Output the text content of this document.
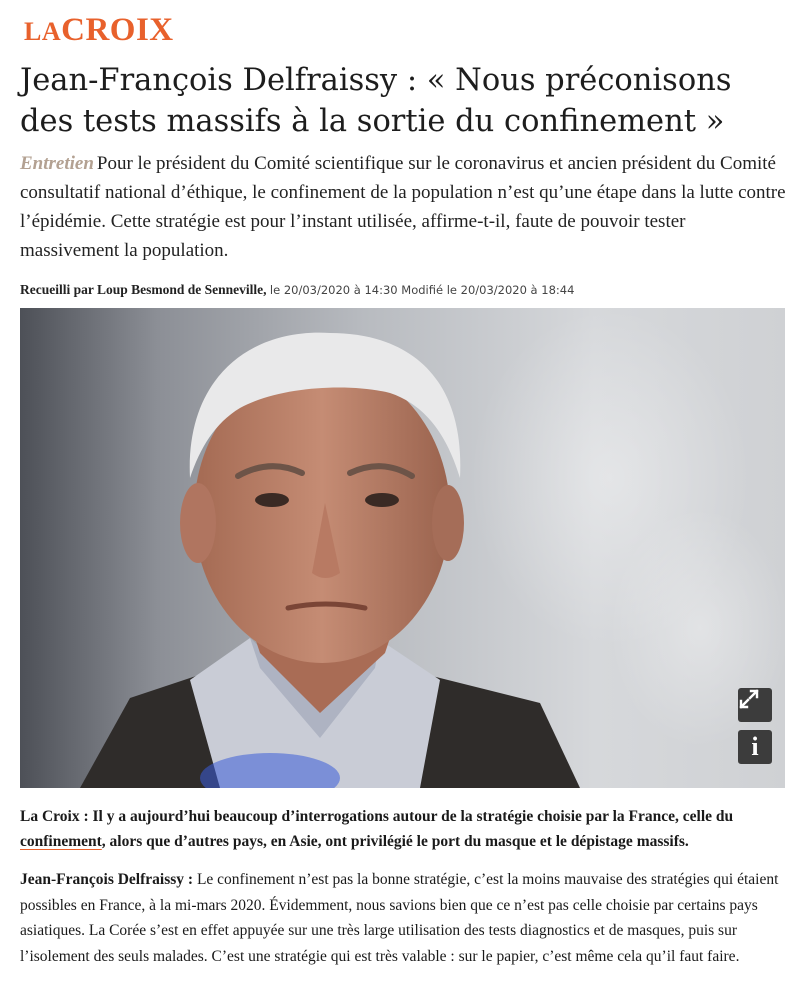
LACROIX
Jean-François Delfraissy : « Nous préconisons des tests massifs à la sortie du confinement »

Entretien Pour le président du Comité scientifique sur le coronavirus et ancien président du Comité consultatif national d’éthique, le confinement de la population n’est qu’une étape dans la lutte contre l’épidémie. Cette stratégie est pour l’instant utilisée, affirme-t-il, faute de pouvoir tester massivement la population.

Recueilli par Loup Besmond de Senneville, le 20/03/2020 à 14:30 Modifié le 20/03/2020 à 18:44
i

La Croix : Il y a aujourd’hui beaucoup d’interrogations autour de la stratégie choisie par la France, celle du confinement, alors que d’autres pays, en Asie, ont privilégié le port du masque et le dépistage massifs.

Jean-François Delfraissy : Le confinement n’est pas la bonne stratégie, c’est la moins mauvaise des stratégies qui étaient possibles en France, à la mi-mars 2020. Évidemment, nous savions bien que ce n’est pas celle choisie par certains pays asiatiques. La Corée s’est en effet appuyée sur une très large utilisation des tests diagnostics et de masques, puis sur l’isolement des seuls malades. C’est une stratégie qui est très valable : sur le papier, c’est même cela qu’il faut faire.
